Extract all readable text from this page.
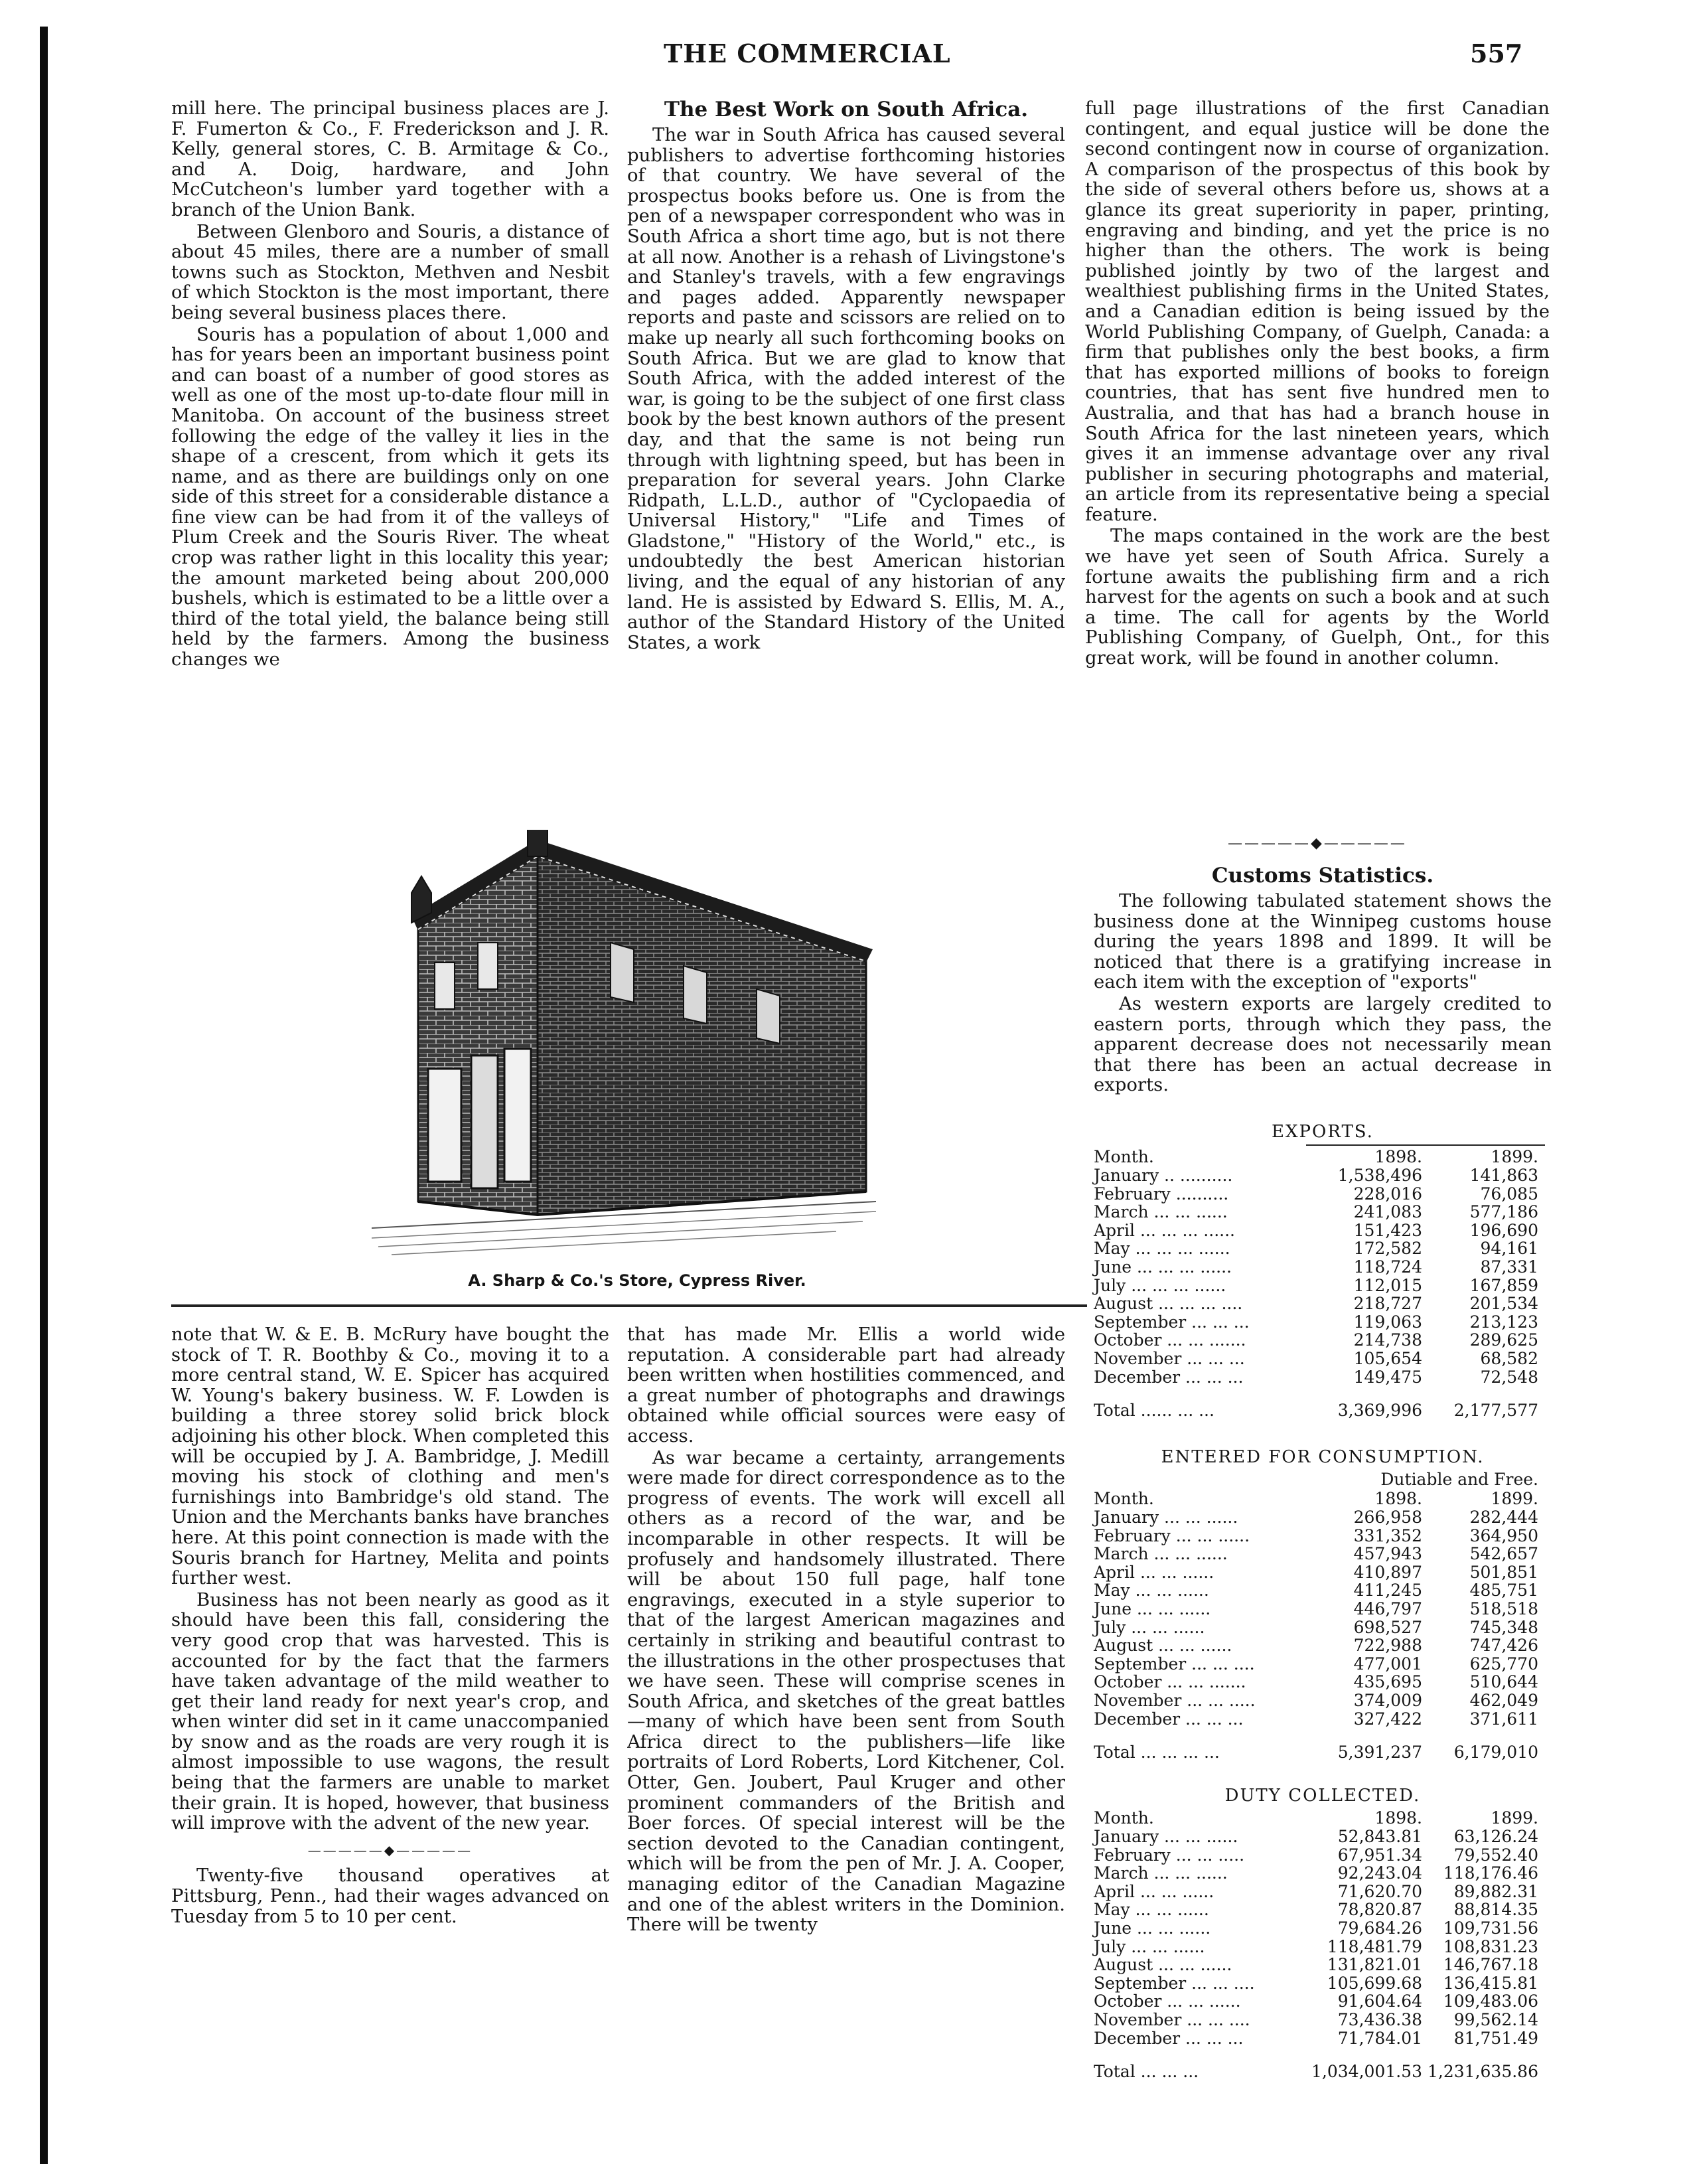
THE COMMERCIAL	557

mill here. The principal business places are J. F. Fumerton & Co., F. Frederickson and J. R. Kelly, general stores, C. B. Armitage & Co., and A. Doig, hardware, and John McCutcheon's lumber yard together with a branch of the Union Bank.

Between Glenboro and Souris, a distance of about 45 miles, there are a number of small towns such as Stockton, Methven and Nesbit of which Stockton is the most important, there being several business places there.

Souris has a population of about 1,000 and has for years been an important business point and can boast of a number of good stores as well as one of the most up-to-date flour mill in Manitoba. On account of the business street following the edge of the valley it lies in the shape of a crescent, from which it gets its name, and as there are buildings only on one side of this street for a considerable distance a fine view can be had from it of the valleys of Plum Creek and the Souris River. The wheat crop was rather light in this locality this year; the amount marketed being about 200,000 bushels, which is estimated to be a little over a third of the total yield, the balance being still held by the farmers. Among the business changes we

The Best Work on South Africa.

The war in South Africa has caused several publishers to advertise forthcoming histories of that country. We have several of the prospectus books before us. One is from the pen of a newspaper correspondent who was in South Africa a short time ago, but is not there at all now. Another is a rehash of Livingstone's and Stanley's travels, with a few engravings and pages added. Apparently newspaper reports and paste and scissors are relied on to make up nearly all such forthcoming books on South Africa. But we are glad to know that South Africa, with the added interest of the war, is going to be the subject of one first class book by the best known authors of the present day, and that the same is not being run through with lightning speed, but has been in preparation for several years. John Clarke Ridpath, L.L.D., author of "Cyclopaedia of Universal History," "Life and Times of Gladstone," "History of the World," etc., is undoubtedly the best American historian living, and the equal of any historian of any land. He is assisted by Edward S. Ellis, M. A., author of the Standard History of the United States, a work

full page illustrations of the first Canadian contingent, and equal justice will be done the second contingent now in course of organization. A comparison of the prospectus of this book by the side of several others before us, shows at a glance its great superiority in paper, printing, engraving and binding, and yet the price is no higher than the others. The work is being published jointly by two of the largest and wealthiest publishing firms in the United States, and a Canadian edition is being issued by the World Publishing Company, of Guelph, Canada: a firm that publishes only the best books, a firm that has exported millions of books to foreign countries, that has sent five hundred men to Australia, and that has had a branch house in South Africa for the last nineteen years, which gives it an immense advantage over any rival publisher in securing photographs and material, an article from its representative being a special feature.

The maps contained in the work are the best we have yet seen of South Africa. Surely a fortune awaits the publishing firm and a rich harvest for the agents on such a book and at such a time. The call for agents by the World Publishing Company, of Guelph, Ont., for this great work, will be found in another column.

—————◆—————
Customs Statistics.

The following tabulated statement shows the business done at the Winnipeg customs house during the years 1898 and 1899. It will be noticed that there is a gratifying increase in each item with the exception of "exports"

As western exports are largely credited to eastern ports, through which they pass, the apparent decrease does not necessarily mean that there has been an actual decrease in exports.

EXPORTS.
Month.	1898.	1899.
January .. ..........	1,538,496	141,863
February ..........	228,016	76,085
March ... ... ......	241,083	577,186
April ... ... ... ......	151,423	196,690
May ... ... ... ......	172,582	94,161
June ... ... ... ......	118,724	87,331
July ... ... ... ......	112,015	167,859
August ... ... ... ....	218,727	201,534
September ... ... ...	119,063	213,123
October ... ... .......	214,738	289,625
November ... ... ...	105,654	68,582
December ... ... ...	149,475	72,548
Total ...... ... ...	3,369,996	2,177,577
ENTERED FOR CONSUMPTION.
Dutiable and Free.
Month.	1898.	1899.
January ... ... ......	266,958	282,444
February ... ... ......	331,352	364,950
March ... ... ......	457,943	542,657
April ... ... ......	410,897	501,851
May ... ... ......	411,245	485,751
June ... ... ......	446,797	518,518
July ... ... ......	698,527	745,348
August ... ... ......	722,988	747,426
September ... ... ....	477,001	625,770
October ... ... .......	435,695	510,644
November ... ... .....	374,009	462,049
December ... ... ...	327,422	371,611
Total ... ... ... ...	5,391,237	6,179,010
DUTY COLLECTED.
Month.	1898.	1899.
January ... ... ......	52,843.81	63,126.24
February ... ... .....	67,951.34	79,552.40
March ... ... ......	92,243.04	118,176.46
April ... ... ......	71,620.70	89,882.31
May ... ... ......	78,820.87	88,814.35
June ... ... ......	79,684.26	109,731.56
July ... ... ......	118,481.79	108,831.23
August ... ... ......	131,821.01	146,767.18
September ... ... ....	105,699.68	136,415.81
October ... ... ......	91,604.64	109,483.06
November ... ... ....	73,436.38	99,562.14
December ... ... ...	71,784.01	81,751.49
Total ... ... ...	1,034,001.53 1,231,635.86
A. Sharp & Co.'s Store, Cypress River.

note that W. & E. B. McRury have bought the stock of T. R. Boothby & Co., moving it to a more central stand, W. E. Spicer has acquired W. Young's bakery business. W. F. Lowden is building a three storey solid brick block adjoining his other block. When completed this will be occupied by J. A. Bambridge, J. Medill moving his stock of clothing and men's furnishings into Bambridge's old stand. The Union and the Merchants banks have branches here. At this point connection is made with the Souris branch for Hartney, Melita and points further west.

Business has not been nearly as good as it should have been this fall, considering the very good crop that was harvested. This is accounted for by the fact that the farmers have taken advantage of the mild weather to get their land ready for next year's crop, and when winter did set in it came unaccompanied by snow and as the roads are very rough it is almost impossible to use wagons, the result being that the farmers are unable to market their grain. It is hoped, however, that business will improve with the advent of the new year.

—————◆—————

Twenty-five thousand operatives at Pittsburg, Penn., had their wages advanced on Tuesday from 5 to 10 per cent.

that has made Mr. Ellis a world wide reputation. A considerable part had already been written when hostilities commenced, and a great number of photographs and drawings obtained while official sources were easy of access.

As war became a certainty, arrangements were made for direct correspondence as to the progress of events. The work will excell all others as a record of the war, and be incomparable in other respects. It will be profusely and handsomely illustrated. There will be about 150 full page, half tone engravings, executed in a style superior to that of the largest American magazines and certainly in striking and beautiful contrast to the illustrations in the other prospectuses that we have seen. These will comprise scenes in South Africa, and sketches of the great battles—many of which have been sent from South Africa direct to the publishers—life like portraits of Lord Roberts, Lord Kitchener, Col. Otter, Gen. Joubert, Paul Kruger and other prominent commanders of the British and Boer forces. Of special interest will be the section devoted to the Canadian contingent, which will be from the pen of Mr. J. A. Cooper, managing editor of the Canadian Magazine and one of the ablest writers in the Dominion. There will be twenty
